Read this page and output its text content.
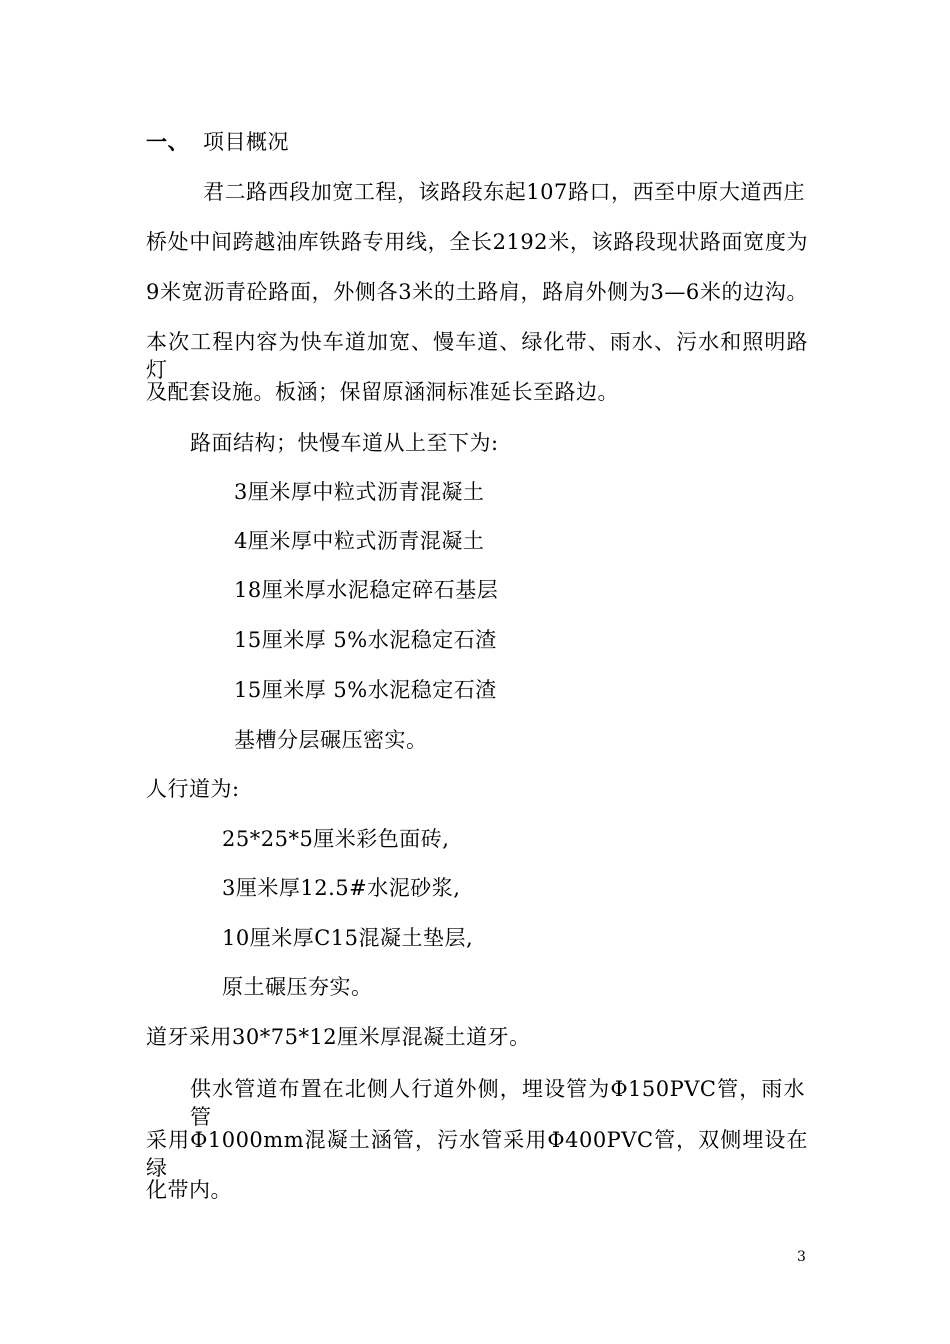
一、 项目概况
君二路西段加宽工程，该路段东起107路口，西至中原大道西庄
桥处中间跨越油库铁路专用线，全长2192米，该路段现状路面宽度为
9米宽沥青砼路面，外侧各3米的土路肩，路肩外侧为3—6米的边沟。
本次工程内容为快车道加宽、慢车道、绿化带、雨水、污水和照明路灯
及配套设施。板涵；保留原涵洞标准延长至路边。
路面结构；快慢车道从上至下为:
3厘米厚中粒式沥青混凝土
4厘米厚中粒式沥青混凝土
18厘米厚水泥稳定碎石基层
15厘米厚 5%水泥稳定石渣
15厘米厚 5%水泥稳定石渣
基槽分层碾压密实。
人行道为:
25*25*5厘米彩色面砖,
3厘米厚12.5#水泥砂浆,
10厘米厚C15混凝土垫层,
原土碾压夯实。
道牙采用30*75*12厘米厚混凝土道牙。
供水管道布置在北侧人行道外侧，埋设管为Φ150PVC管，雨水管
采用Φ1000mm混凝土涵管，污水管采用Φ400PVC管，双侧埋设在绿
化带内。
3
